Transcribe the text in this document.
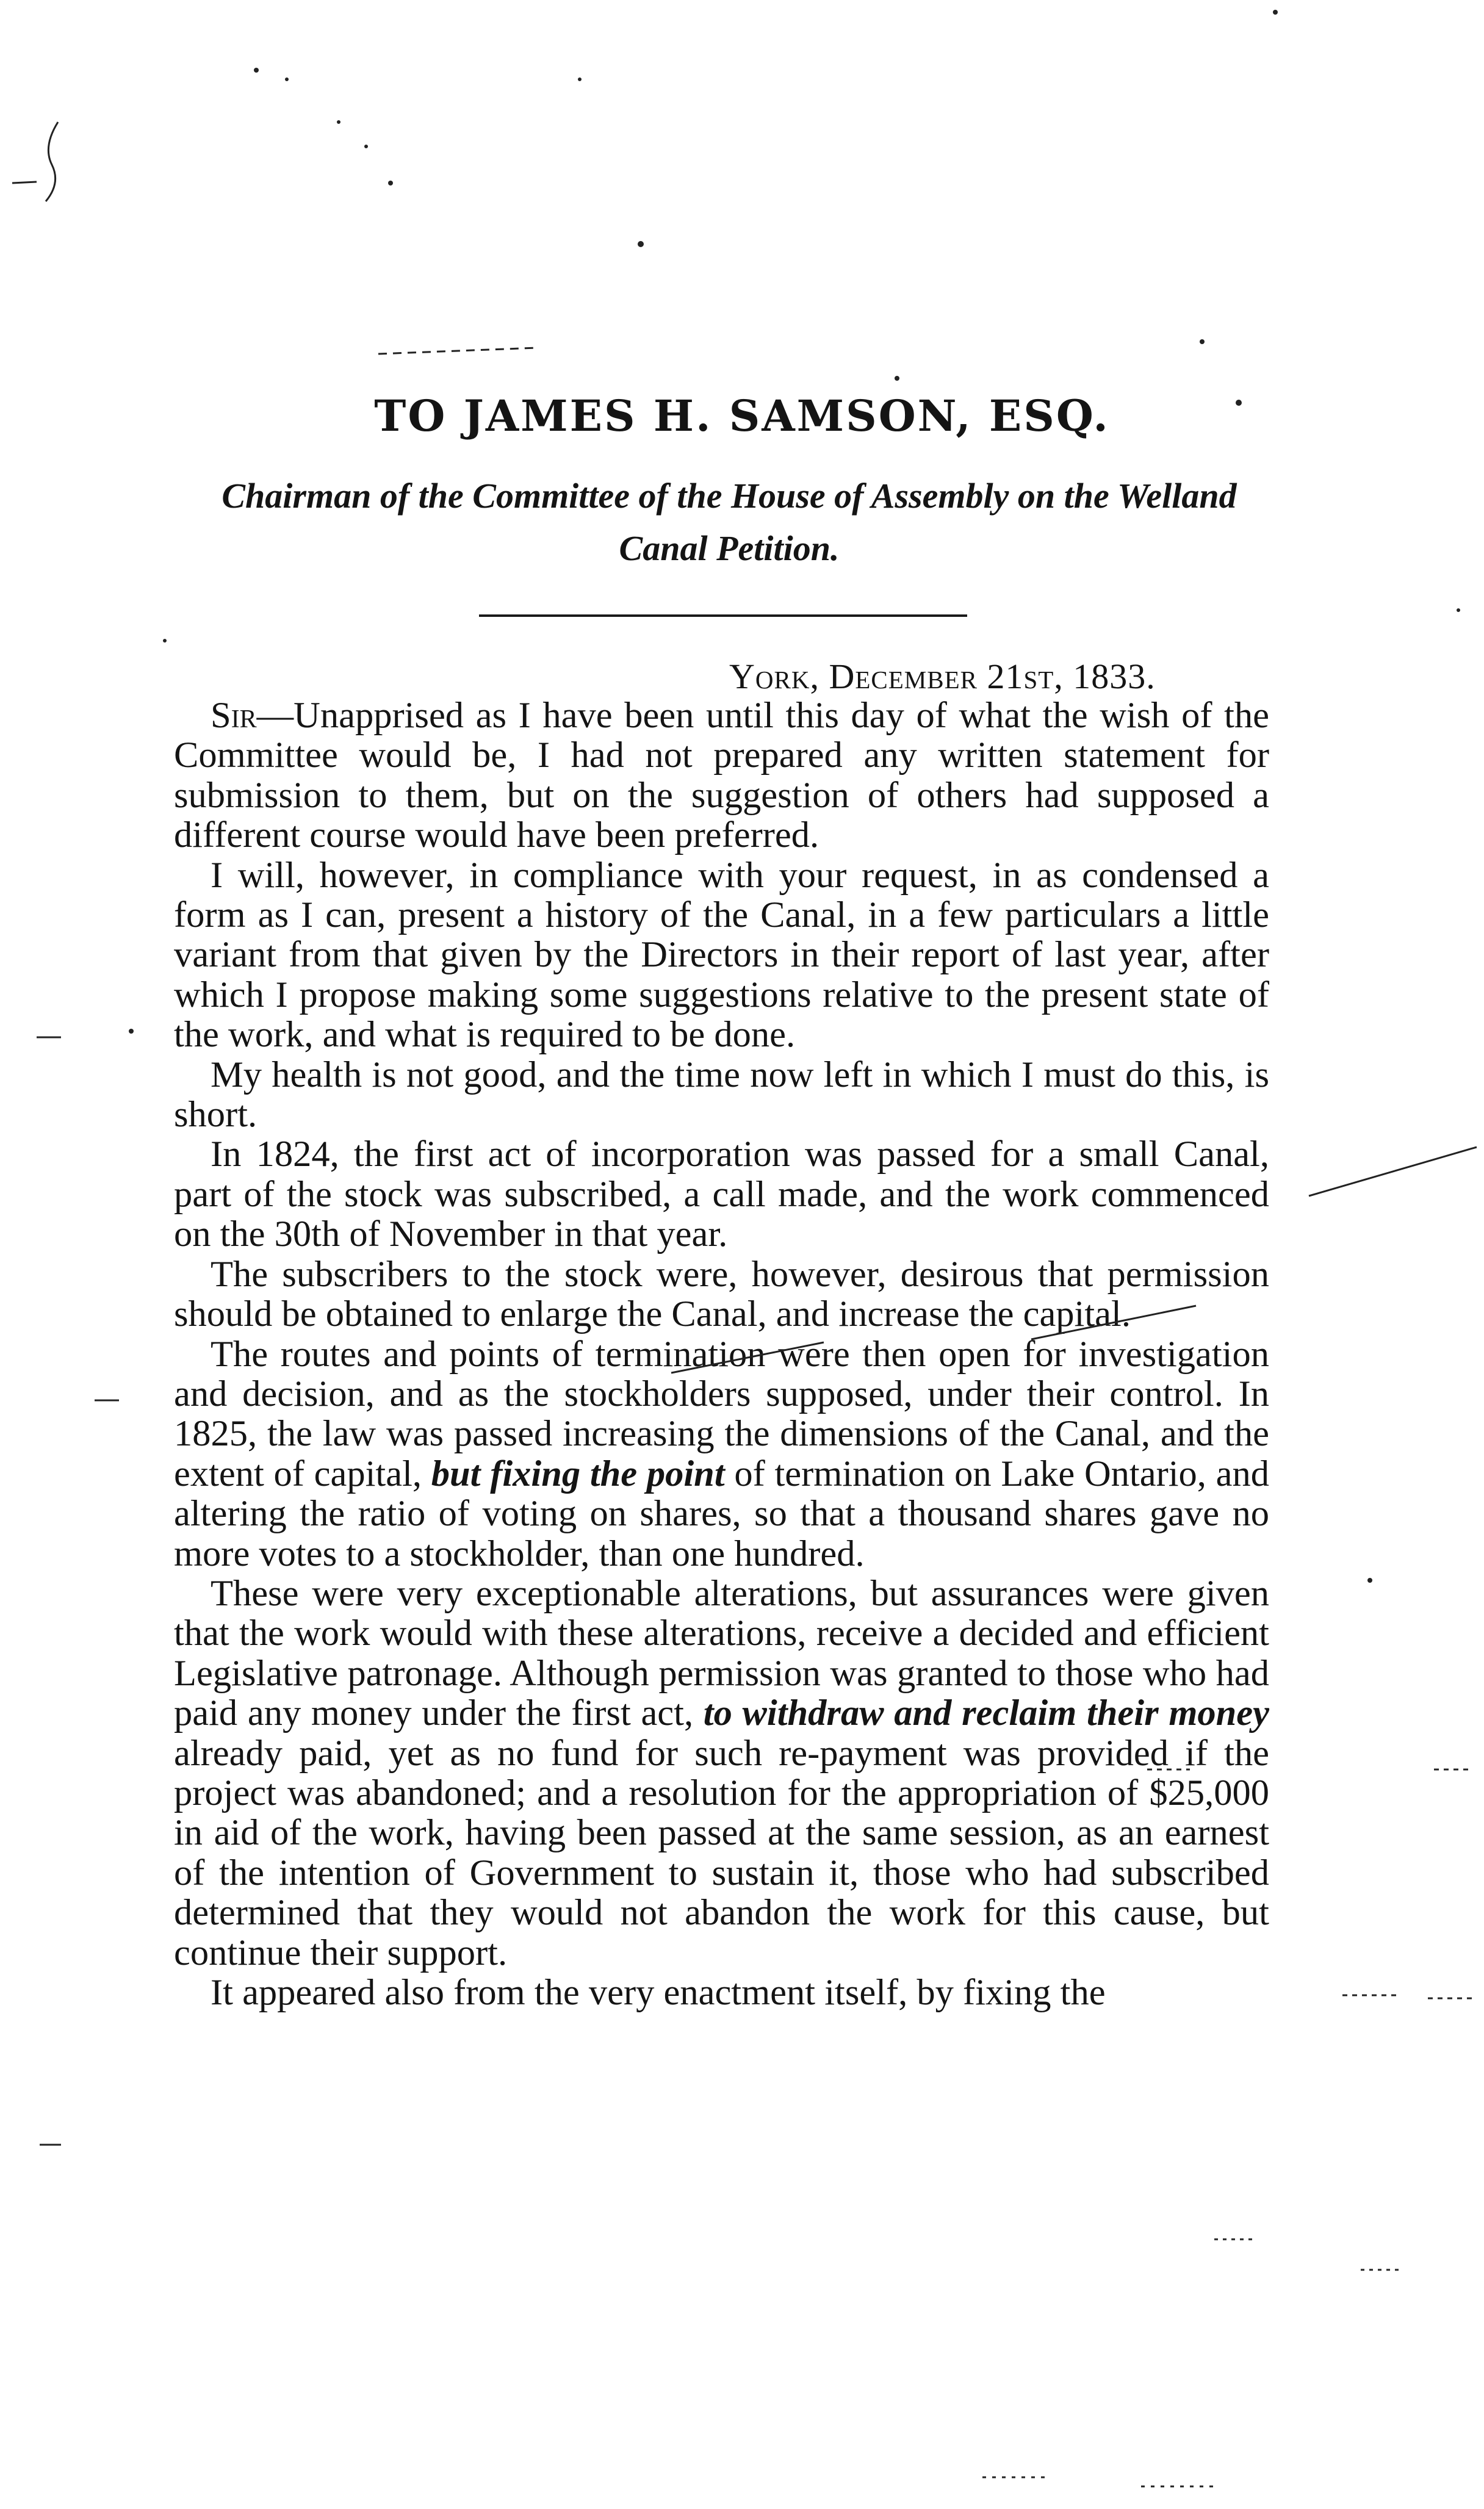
TO JAMES H. SAMSON, ESQ.
Chairman of the Committee of the House of Assembly on the Welland
Canal Petition.
York, December 21st, 1833.

Sir—Unapprised as I have been until this day of what the wish of the Committee would be, I had not prepared any written statement for submission to them, but on the suggestion of others had supposed a different course would have been preferred.

I will, however, in compliance with your request, in as condensed a form as I can, present a history of the Canal, in a few particulars a little variant from that given by the Directors in their report of last year, after which I propose making some suggestions relative to the present state of the work, and what is required to be done.

My health is not good, and the time now left in which I must do this, is short.

In 1824, the first act of incorporation was passed for a small Canal, part of the stock was subscribed, a call made, and the work commenced on the 30th of November in that year.

The subscribers to the stock were, however, desirous that permission should be obtained to enlarge the Canal, and increase the capital.

The routes and points of termination were then open for investigation and decision, and as the stockholders supposed, under their control. In 1825, the law was passed increasing the dimensions of the Canal, and the extent of capital, but fixing the point of termination on Lake Ontario, and altering the ratio of voting on shares, so that a thousand shares gave no more votes to a stockholder, than one hundred.

These were very exceptionable alterations, but assurances were given that the work would with these alterations, receive a decided and efficient Legislative patronage. Although permission was granted to those who had paid any money under the first act, to withdraw and reclaim their money already paid, yet as no fund for such re-payment was provided if the project was abandoned; and a resolution for the appropriation of $25,000 in aid of the work, having been passed at the same session, as an earnest of the intention of Government to sustain it, those who had subscribed determined that they would not abandon the work for this cause, but continue their support.

It appeared also from the very enactment itself, by fixing the
